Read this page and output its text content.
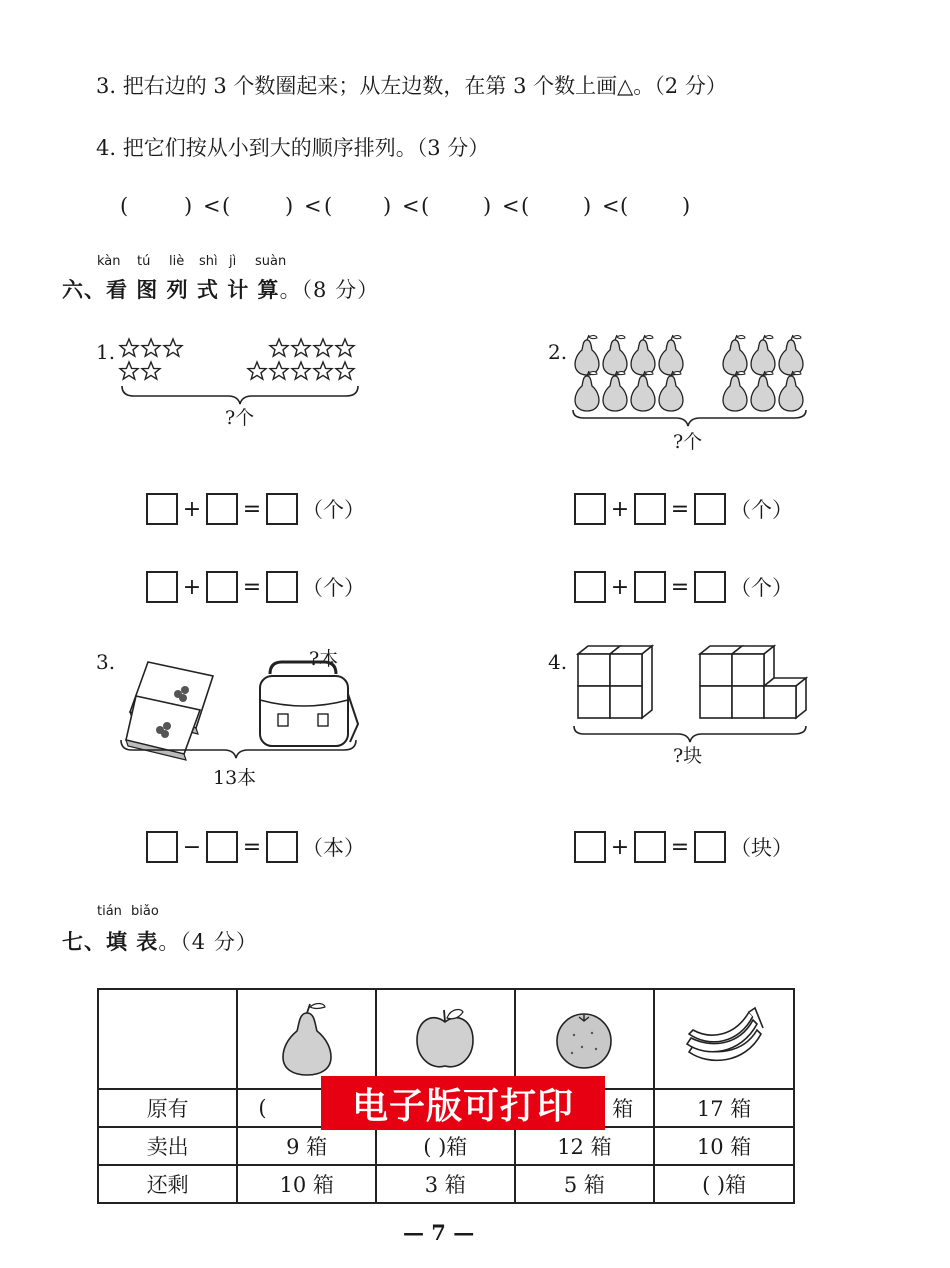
3. 把右边的 3 个数圈起来；从左边数，在第 3 个数上画△。（2 分）
4. 把它们按从小到大的顺序排列。（3 分）
(	) < (	) < ( ) < (	) < (	) < (	)
kàn tú liè shì jì suàn
六、看 图 列 式 计 算。（8 分）
1.
?个
2.
?个
+ = （个）
+ = （个）
+ = （个）
+ = （个）
3.	?本
13本
4.
?块
− = （本）	+ = （块）
tián biǎo
七、填 表。（4 分）

原有	(		箱	17 箱
卖出	9 箱	( )箱	12 箱	10 箱
还剩	10 箱	3 箱	5 箱	( )箱
电子版可打印
— 7 —
